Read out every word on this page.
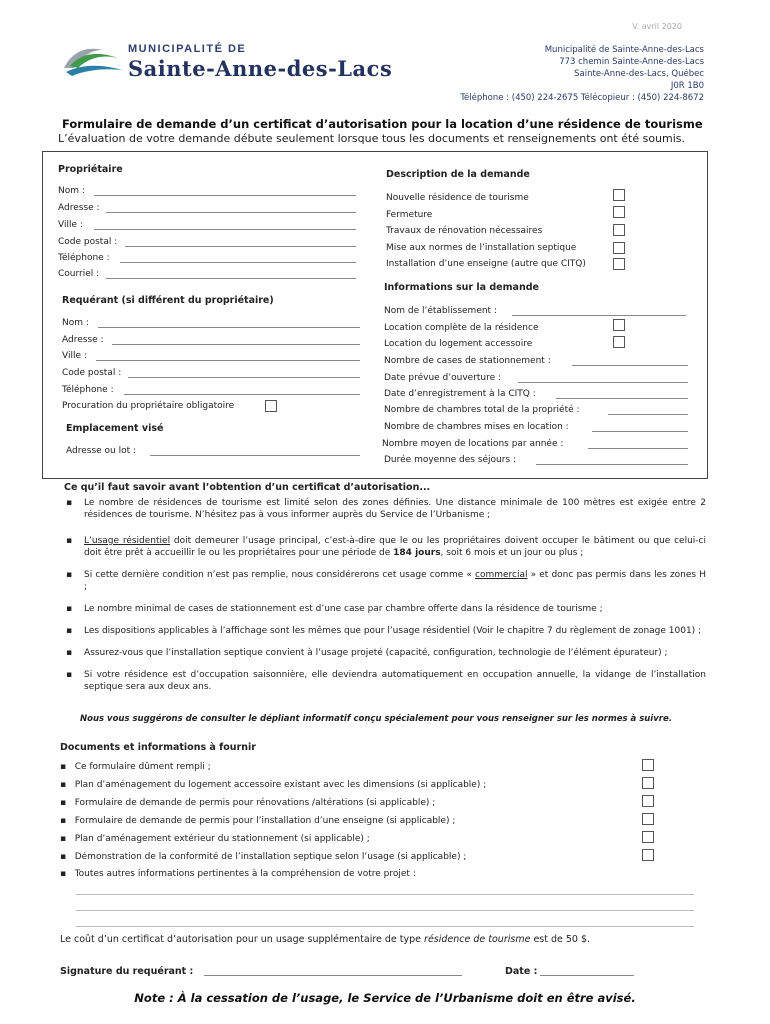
V. avril 2020
MUNICIPALITÉ DE
Sainte-Anne-des-Lacs
Municipalité de Sainte-Anne-des-Lacs
773 chemin Sainte-Anne-des-Lacs
Sainte-Anne-des-Lacs, Québec
J0R 1B0
Téléphone : (450) 224-2675 Télécopieur : (450) 224-8672
Formulaire de demande d’un certificat d’autorisation pour la location d’une résidence de tourisme
L’évaluation de votre demande débute seulement lorsque tous les documents et renseignements ont été soumis.
Propriétaire
Nom :
Adresse :
Ville :
Code postal :
Téléphone :
Courriel :
Requérant (si différent du propriétaire)
Nom :
Adresse :
Ville :
Code postal :
Téléphone :
Procuration du propriétaire obligatoire
Emplacement visé
Adresse ou lot :
Description de la demande
Nouvelle résidence de tourisme
Fermeture
Travaux de rénovation nécessaires
Mise aux normes de l’installation septique
Installation d’une enseigne (autre que CITQ)
Informations sur la demande
Nom de l’établissement :
Location complète de la résidence
Location du logement accessoire
Nombre de cases de stationnement :
Date prévue d’ouverture :
Date d’enregistrement à la CITQ :
Nombre de chambres total de la propriété :
Nombre de chambres mises en location :
Nombre moyen de locations par année :
Durée moyenne des séjours :
Ce qu’il faut savoir avant l’obtention d’un certificat d’autorisation...

▪ Le nombre de résidences de tourisme est limité selon des zones définies. Une distance minimale de 100 mètres est exigée entre 2 résidences de tourisme. N’hésitez pas à vous informer auprès du Service de l’Urbanisme ;

▪ L’usage résidentiel doit demeurer l’usage principal, c’est-à-dire que le ou les propriétaires doivent occuper le bâtiment ou que celui-ci doit être prêt à accueillir le ou les propriétaires pour une période de 184 jours, soit 6 mois et un jour ou plus ;

▪ Si cette dernière condition n’est pas remplie, nous considérerons cet usage comme « commercial » et donc pas permis dans les zones H ;

▪ Le nombre minimal de cases de stationnement est d’une case par chambre offerte dans la résidence de tourisme ;

▪ Les dispositions applicables à l’affichage sont les mêmes que pour l’usage résidentiel (Voir le chapitre 7 du règlement de zonage 1001) ;

▪ Assurez-vous que l’installation septique convient à l’usage projeté (capacité, configuration, technologie de l’élément épurateur) ;

▪ Si votre résidence est d’occupation saisonnière, elle deviendra automatiquement en occupation annuelle, la vidange de l’installation septique sera aux deux ans.

Nous vous suggérons de consulter le dépliant informatif conçu spécialement pour vous renseigner sur les normes à suivre.
Documents et informations à fournir
▪ Ce formulaire dûment rempli ;
▪ Plan d’aménagement du logement accessoire existant avec les dimensions (si applicable) ;
▪ Formulaire de demande de permis pour rénovations /altérations (si applicable) ;
▪ Formulaire de demande de permis pour l’installation d’une enseigne (si applicable) ;
▪ Plan d’aménagement extérieur du stationnement (si applicable) ;
▪ Démonstration de la conformité de l’installation septique selon l’usage (si applicable) ;
▪ Toutes autres informations pertinentes à la compréhension de votre projet :
Le coût d’un certificat d’autorisation pour un usage supplémentaire de type résidence de tourisme est de 50 $.
Signature du requérant :	Date :
Note : À la cessation de l’usage, le Service de l’Urbanisme doit en être avisé.
